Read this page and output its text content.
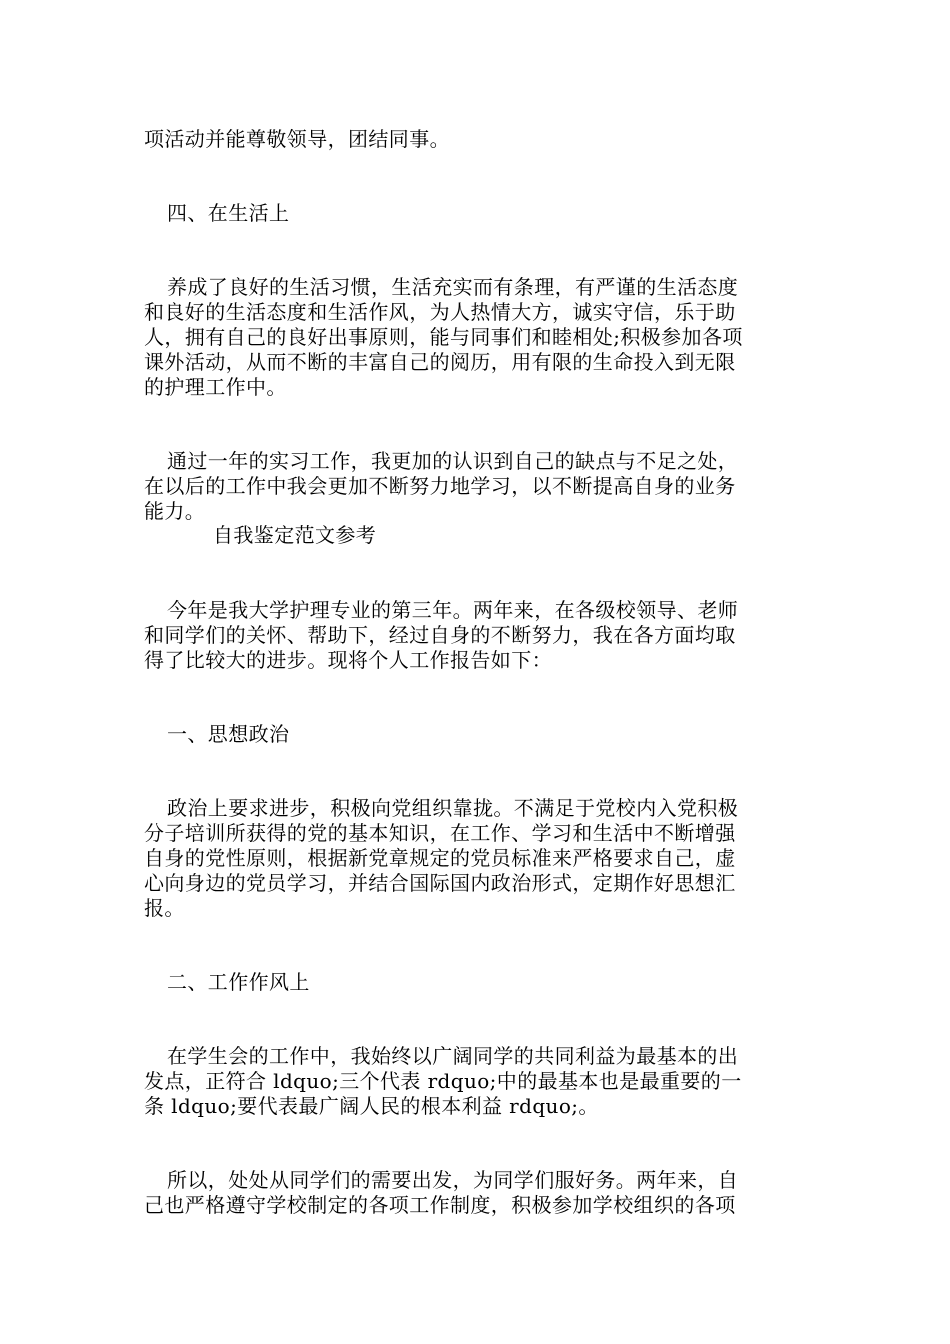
项活动并能尊敬领导，团结同事。
四、在生活上
养成了良好的生活习惯，生活充实而有条理，有严谨的生活态度
和良好的生活态度和生活作风，为人热情大方，诚实守信，乐于助
人，拥有自己的良好出事原则，能与同事们和睦相处;积极参加各项
课外活动，从而不断的丰富自己的阅历，用有限的生命投入到无限
的护理工作中。
通过一年的实习工作，我更加的认识到自己的缺点与不足之处，
在以后的工作中我会更加不断努力地学习，以不断提高自身的业务
能力。
自我鉴定范文参考
今年是我大学护理专业的第三年。两年来，在各级校领导、老师
和同学们的关怀、帮助下，经过自身的不断努力，我在各方面均取
得了比较大的进步。现将个人工作报告如下：
一、思想政治
政治上要求进步，积极向党组织靠拢。不满足于党校内入党积极
分子培训所获得的党的基本知识，在工作、学习和生活中不断增强
自身的党性原则，根据新党章规定的党员标准来严格要求自己，虚
心向身边的党员学习，并结合国际国内政治形式，定期作好思想汇
报。
二、工作作风上
在学生会的工作中，我始终以广阔同学的共同利益为最基本的出
发点，正符合 ldquo;三个代表 rdquo;中的最基本也是最重要的一
条 ldquo;要代表最广阔人民的根本利益 rdquo;。
所以，处处从同学们的需要出发，为同学们服好务。两年来，自
己也严格遵守学校制定的各项工作制度，积极参加学校组织的各项
